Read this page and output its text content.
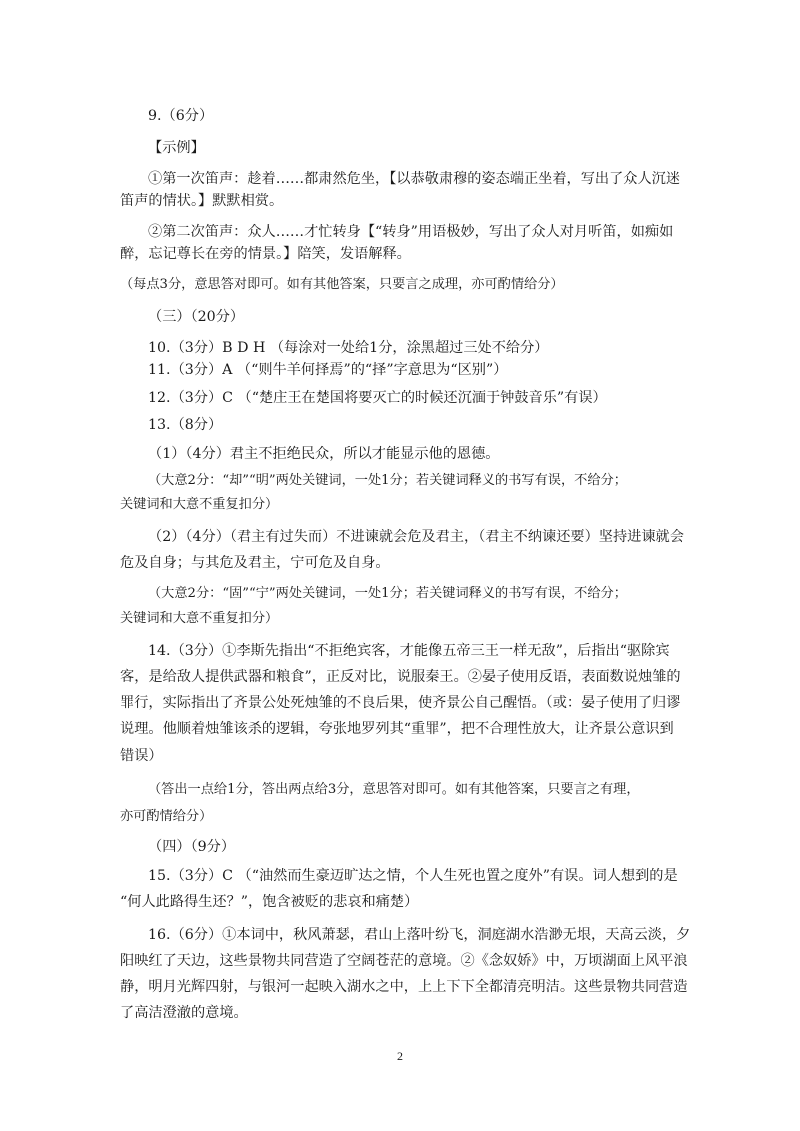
9.（6分）
【示例】
①第一次笛声：趁着……都肃然危坐，【以恭敬肃穆的姿态端正坐着，写出了众人沉迷
笛声的情状。】默默相赏。
②第二次笛声：众人……才忙转身【“转身”用语极妙，写出了众人对月听笛，如痴如
醉，忘记尊长在旁的情景。】陪笑，发语解释。
（每点3分，意思答对即可。如有其他答案，只要言之成理，亦可酌情给分）
（三）（20分）
10.（3分）B D H （每涂对一处给1分，涂黑超过三处不给分）
11.（3分）A （“则牛羊何择焉”的“择”字意思为“区别”）
12.（3分）C （“楚庄王在楚国将要灭亡的时候还沉湎于钟鼓音乐”有误）
13.（8分）
（1）（4分）君主不拒绝民众，所以才能显示他的恩德。
（大意2分：“却”“明”两处关键词，一处1分；若关键词释义的书写有误，不给分；
关键词和大意不重复扣分）
（2）（4分）（君主有过失而）不进谏就会危及君主，（君主不纳谏还要）坚持进谏就会
危及自身；与其危及君主，宁可危及自身。
（大意2分：“固”“宁”两处关键词，一处1分；若关键词释义的书写有误，不给分；
关键词和大意不重复扣分）
14.（3分）①李斯先指出“不拒绝宾客，才能像五帝三王一样无敌”，后指出“驱除宾
客，是给敌人提供武器和粮食”，正反对比，说服秦王。②晏子使用反语，表面数说烛雏的
罪行，实际指出了齐景公处死烛雏的不良后果，使齐景公自己醒悟。（或：晏子使用了归谬
说理。他顺着烛雏该杀的逻辑，夸张地罗列其“重罪”，把不合理性放大，让齐景公意识到
错误）
（答出一点给1分，答出两点给3分，意思答对即可。如有其他答案，只要言之有理，
亦可酌情给分）
（四）（9分）
15.（3分）C （“油然而生豪迈旷达之情，个人生死也置之度外”有误。词人想到的是
“何人此路得生还？”，饱含被贬的悲哀和痛楚）
16.（6分）①本词中，秋风萧瑟，君山上落叶纷飞，洞庭湖水浩渺无垠，天高云淡，夕
阳映红了天边，这些景物共同营造了空阔苍茫的意境。②《念奴娇》中，万顷湖面上风平浪
静，明月光辉四射，与银河一起映入湖水之中，上上下下全都清亮明洁。这些景物共同营造
了高洁澄澈的意境。
2
